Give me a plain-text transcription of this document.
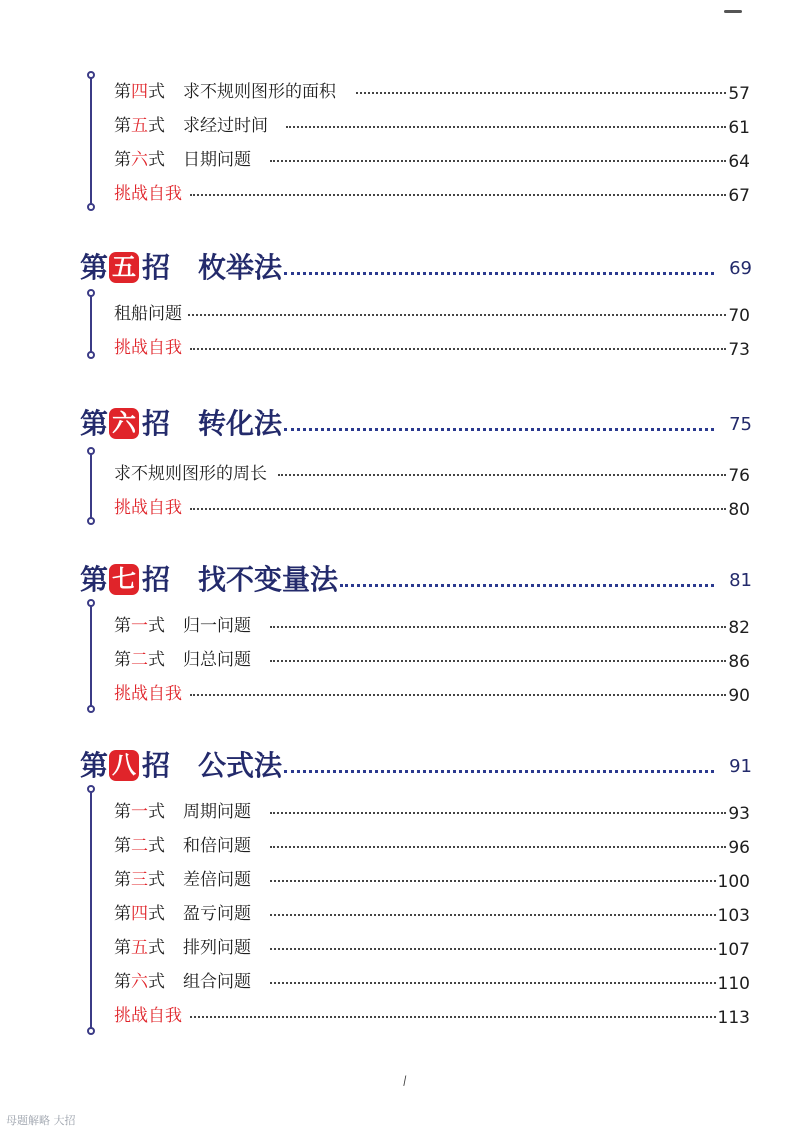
第四式 求不规则图形的面积	57
第五式 求经过时间	61
第六式 日期问题	64
挑战自我	67
第 五 招 枚举法	69
租船问题	70
挑战自我	73
第 六 招 转化法	75
求不规则图形的周长	76
挑战自我	80
第 七 招 找不变量法	81
第一式 归一问题	82
第二式 归总问题	86
挑战自我	90
第 八 招 公式法	91
第一式 周期问题	93
第二式 和倍问题	96
第三式 差倍问题	100
第四式 盈亏问题	103
第五式 排列问题	107
第六式 组合问题	110
挑战自我	113
⁄
母题解略 大招
